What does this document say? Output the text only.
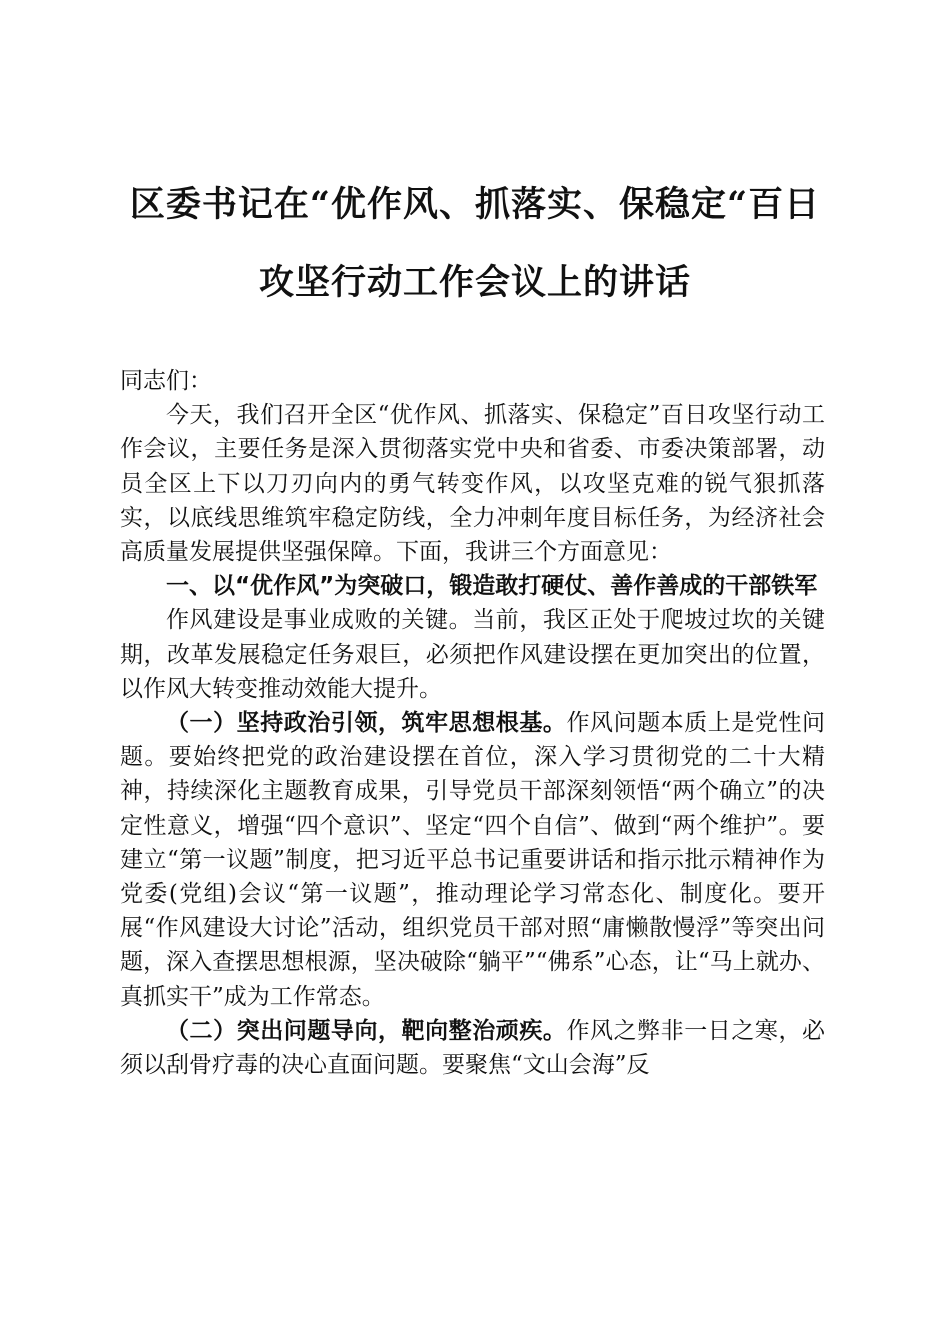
区委书记在“优作风、抓落实、保稳定“百日
攻坚行动工作会议上的讲话

同志们：

今天，我们召开全区“优作风、抓落实、保稳定”百日攻坚行动工作会议，主要任务是深入贯彻落实党中央和省委、市委决策部署，动员全区上下以刀刃向内的勇气转变作风，以攻坚克难的锐气狠抓落实，以底线思维筑牢稳定防线，全力冲刺年度目标任务，为经济社会高质量发展提供坚强保障。下面，我讲三个方面意见：

一、以“优作风”为突破口，锻造敢打硬仗、善作善成的干部铁军

作风建设是事业成败的关键。当前，我区正处于爬坡过坎的关键期，改革发展稳定任务艰巨，必须把作风建设摆在更加突出的位置，以作风大转变推动效能大提升。

（一）坚持政治引领，筑牢思想根基。作风问题本质上是党性问题。要始终把党的政治建设摆在首位，深入学习贯彻党的二十大精神，持续深化主题教育成果，引导党员干部深刻领悟“两个确立”的决定性意义，增强“四个意识”、坚定“四个自信”、做到“两个维护”。要建立“第一议题”制度，把习近平总书记重要讲话和指示批示精神作为党委(党组)会议“第一议题”，推动理论学习常态化、制度化。要开展“作风建设大讨论”活动，组织党员干部对照“庸懒散慢浮”等突出问题，深入查摆思想根源，坚决破除“躺平”“佛系”心态，让“马上就办、真抓实干”成为工作常态。

（二）突出问题导向，靶向整治顽疾。作风之弊非一日之寒，必须以刮骨疗毒的决心直面问题。要聚焦“文山会海”反
